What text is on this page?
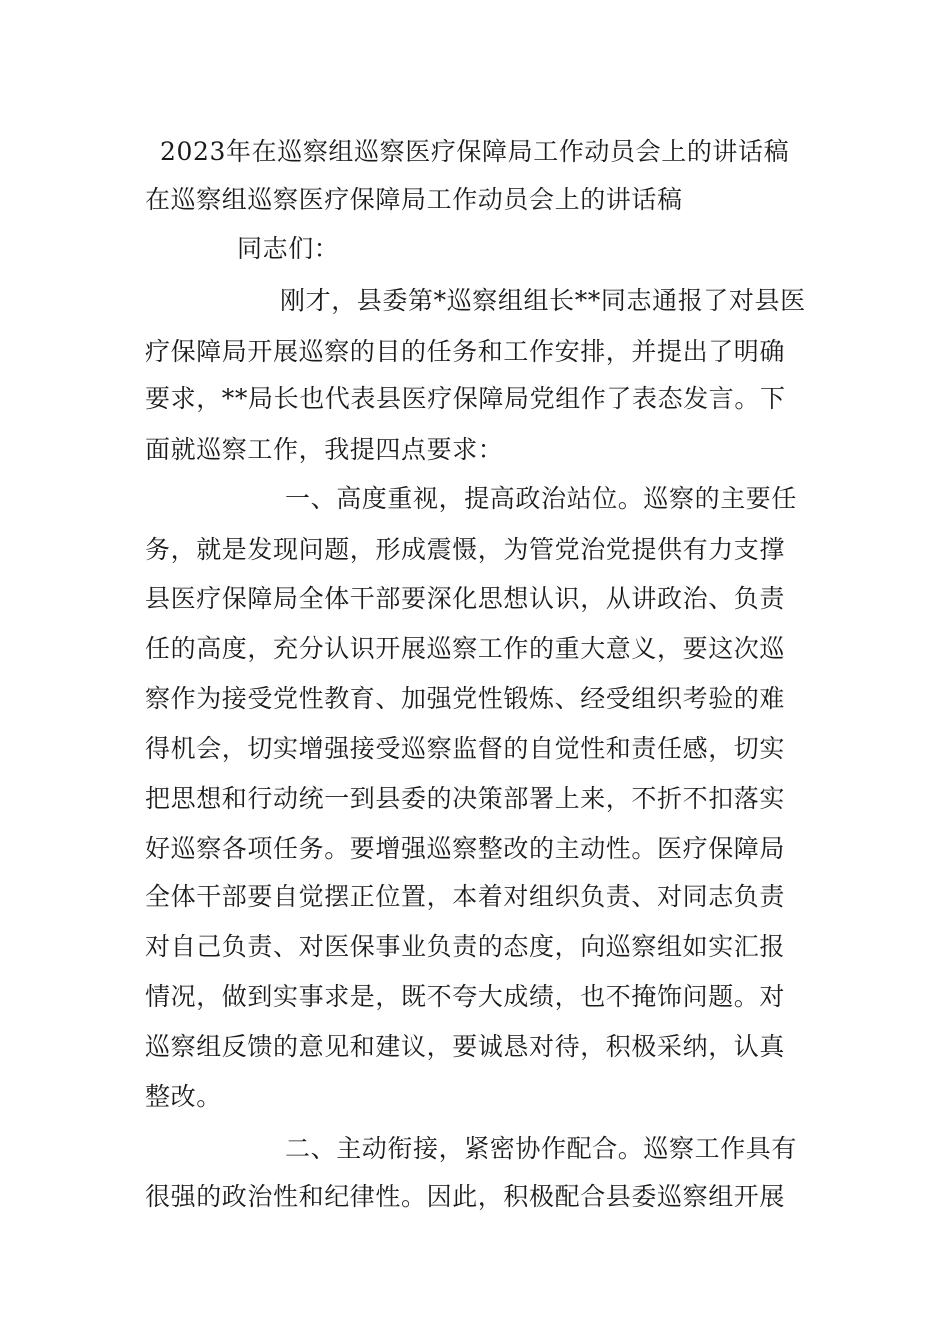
2023年在巡察组巡察医疗保障局工作动员会上的讲话稿
在巡察组巡察医疗保障局工作动员会上的讲话稿
同志们：
刚才，县委第*巡察组组长**同志通报了对县医
疗保障局开展巡察的目的任务和工作安排，并提出了明确
要求，**局长也代表县医疗保障局党组作了表态发言。下
面就巡察工作，我提四点要求：
一、高度重视，提高政治站位。巡察的主要任
务，就是发现问题，形成震慑，为管党治党提供有力支撑
县医疗保障局全体干部要深化思想认识，从讲政治、负责
任的高度，充分认识开展巡察工作的重大意义，要这次巡
察作为接受党性教育、加强党性锻炼、经受组织考验的难
得机会，切实增强接受巡察监督的自觉性和责任感，切实
把思想和行动统一到县委的决策部署上来，不折不扣落实
好巡察各项任务。要增强巡察整改的主动性。医疗保障局
全体干部要自觉摆正位置，本着对组织负责、对同志负责
对自己负责、对医保事业负责的态度，向巡察组如实汇报
情况，做到实事求是，既不夸大成绩，也不掩饰问题。对
巡察组反馈的意见和建议，要诚恳对待，积极采纳，认真
整改。
二、主动衔接，紧密协作配合。巡察工作具有
很强的政治性和纪律性。因此，积极配合县委巡察组开展
